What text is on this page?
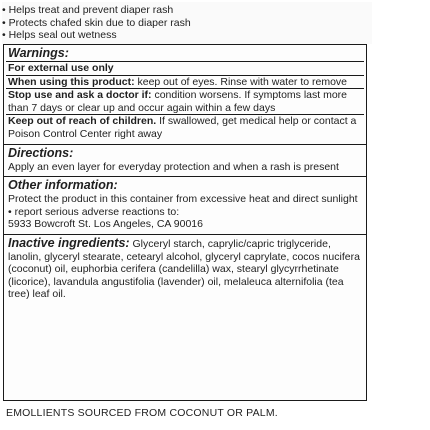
• Helps treat and prevent diaper rash
• Protects chafed skin due to diaper rash
• Helps seal out wetness
Warnings:
For external use only
When using this product: keep out of eyes. Rinse with water to remove
Stop use and ask a doctor if: condition worsens. If symptoms last more than 7 days or clear up and occur again within a few days
Keep out of reach of children. If swallowed, get medical help or contact a Poison Control Center right away
Directions:
Apply an even layer for everyday protection and when a rash is present
Other information:
Protect the product in this container from excessive heat and direct sunlight • report serious adverse reactions to:
5933 Bowcroft St. Los Angeles, CA 90016
Inactive ingredients: Glyceryl starch, caprylic/capric triglyceride, lanolin, glyceryl stearate, cetearyl alcohol, glyceryl caprylate, cocos nucifera (coconut) oil, euphorbia cerifera (candelilla) wax, stearyl glycyrrhetinate (licorice), lavandula angustifolia (lavender) oil, melaleuca alternifolia (tea tree) leaf oil.
EMOLLIENTS SOURCED FROM COCONUT OR PALM.
